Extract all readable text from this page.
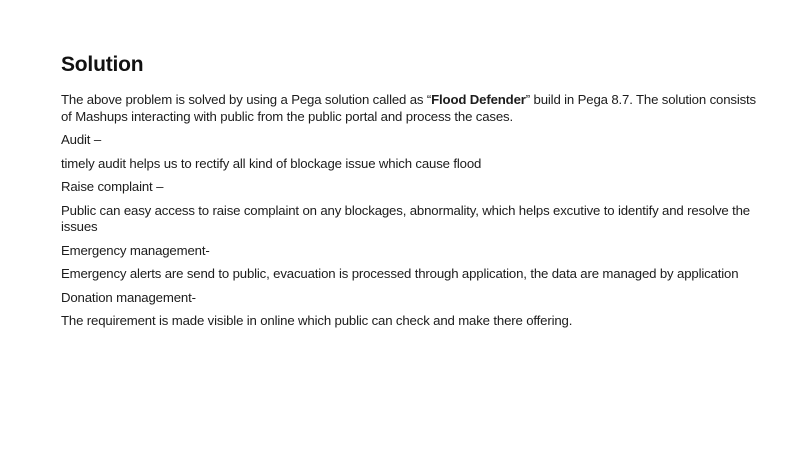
Solution

The above problem is solved by using a Pega solution called as “Flood Defender” build in Pega 8.7. The solution consists of Mashups interacting with public from the public portal and process the cases.

Audit –

timely audit helps us to rectify all kind of blockage issue which cause flood

Raise complaint –

Public can easy access to raise complaint on any blockages, abnormality, which helps excutive to identify and resolve the issues

Emergency management-

Emergency alerts are send to public, evacuation is processed through application, the data are managed by application

Donation management-

The requirement is made visible in online which public can check and make there offering.
